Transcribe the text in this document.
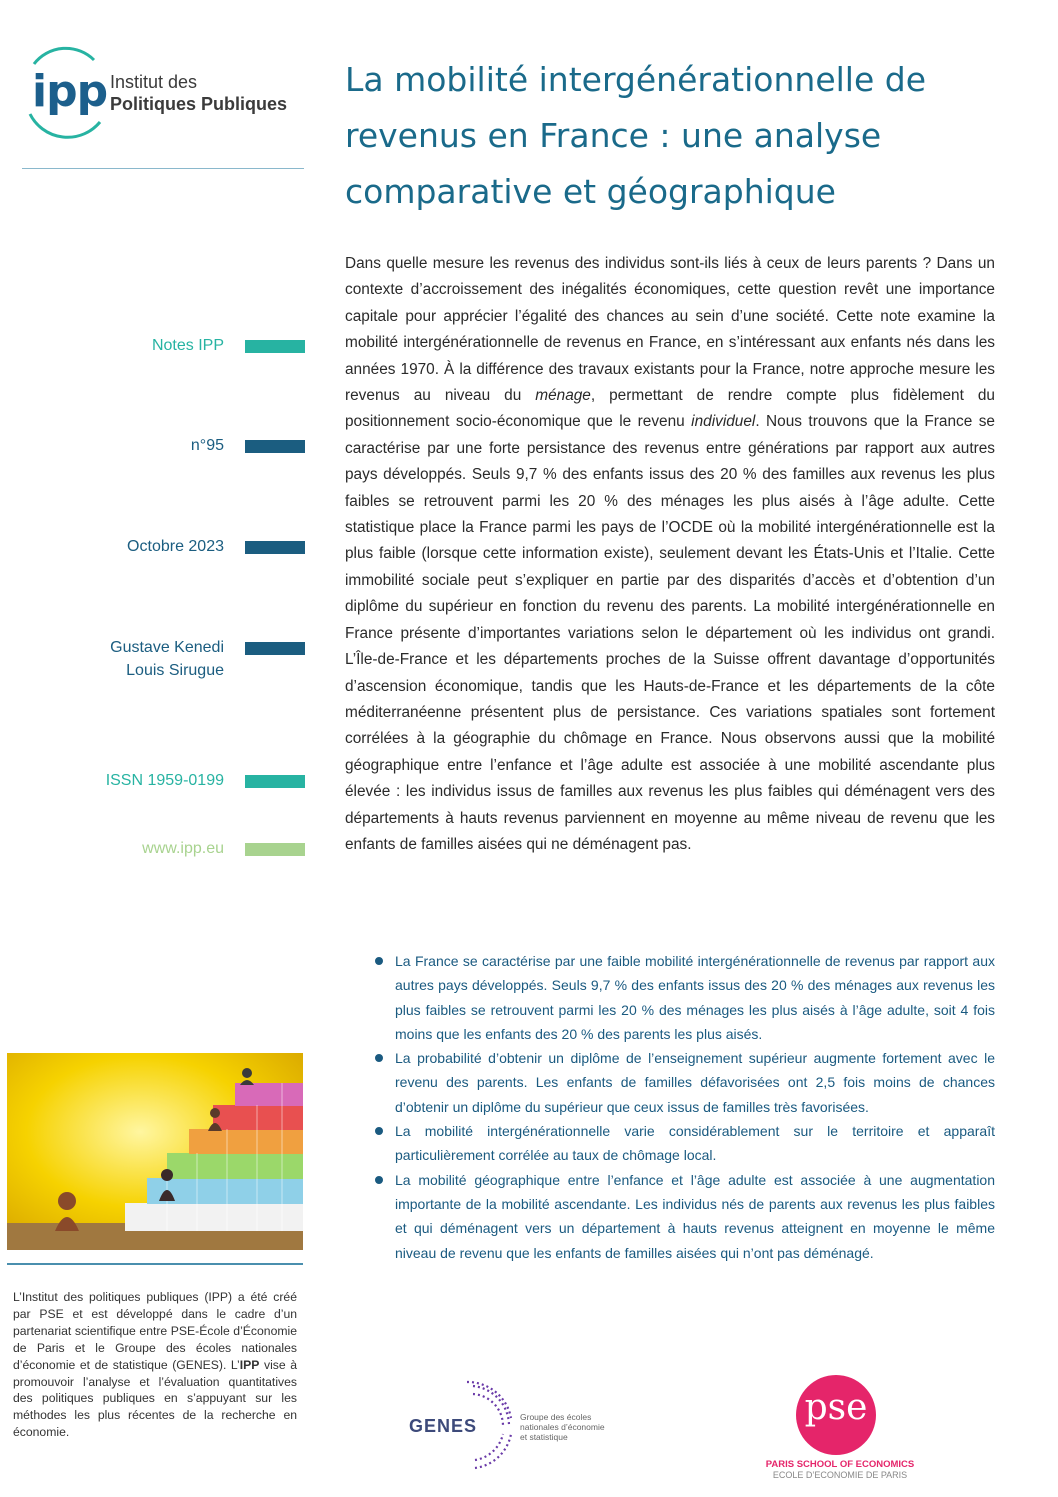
ipp Institut des
Politiques Publiques
La mobilité intergénérationnelle de revenus en France : une analyse comparative et géographique
Notes IPP
n°95
Octobre 2023
Gustave Kenedi
Louis Sirugue
ISSN 1959-0199
www.ipp.eu
Dans quelle mesure les revenus des individus sont-ils liés à ceux de leurs parents ? Dans un contexte d’accroissement des inégalités économiques, cette question revêt une importance capitale pour apprécier l’égalité des chances au sein d’une société. Cette note examine la mobilité intergénérationnelle de revenus en France, en s’intéressant aux enfants nés dans les années 1970. À la différence des travaux existants pour la France, notre approche mesure les revenus au niveau du ménage, permettant de rendre compte plus fidèlement du positionnement socio-économique que le revenu individuel. Nous trouvons que la France se caractérise par une forte persistance des revenus entre générations par rapport aux autres pays développés. Seuls 9,7 % des enfants issus des 20 % des familles aux revenus les plus faibles se retrouvent parmi les 20 % des ménages les plus aisés à l’âge adulte. Cette statistique place la France parmi les pays de l’OCDE où la mobilité intergénérationnelle est la plus faible (lorsque cette information existe), seulement devant les États-Unis et l’Italie. Cette immobilité sociale peut s’expliquer en partie par des disparités d’accès et d’obtention d’un diplôme du supérieur en fonction du revenu des parents. La mobilité intergénérationnelle en France présente d’importantes variations selon le département où les individus ont grandi. L’Île-de-France et les départements proches de la Suisse offrent davantage d’opportunités d’ascension économique, tandis que les Hauts-de-France et les départements de la côte méditerranéenne présentent plus de persistance. Ces variations spatiales sont fortement corrélées à la géographie du chômage en France. Nous observons aussi que la mobilité géographique entre l’enfance et l’âge adulte est associée à une mobilité ascendante plus élevée : les individus issus de familles aux revenus les plus faibles qui déménagent vers des départements à hauts revenus parviennent en moyenne au même niveau de revenu que les enfants de familles aisées qui ne déménagent pas.
La France se caractérise par une faible mobilité intergénérationnelle de revenus par rapport aux autres pays développés. Seuls 9,7 % des enfants issus des 20 % des ménages aux revenus les plus faibles se retrouvent parmi les 20 % des ménages les plus aisés à l’âge adulte, soit 4 fois moins que les enfants des 20 % des parents les plus aisés.
La probabilité d’obtenir un diplôme de l’enseignement supérieur augmente fortement avec le revenu des parents. Les enfants de familles défavorisées ont 2,5 fois moins de chances d’obtenir un diplôme du supérieur que ceux issus de familles très favorisées.
La mobilité intergénérationnelle varie considérablement sur le territoire et apparaît particulièrement corrélée au taux de chômage local.
La mobilité géographique entre l’enfance et l’âge adulte est associée à une augmentation importante de la mobilité ascendante. Les individus nés de parents aux revenus les plus faibles et qui déménagent vers un département à hauts revenus atteignent en moyenne le même niveau de revenu que les enfants de familles aisées qui n’ont pas déménagé.
L’Institut des politiques publiques (IPP) a été créé par PSE et est développé dans le cadre d’un partenariat scientifique entre PSE-École d’Économie de Paris et le Groupe des écoles nationales d’économie et de statistique (GENES). L’IPP vise à promouvoir l’analyse et l’évaluation quantitatives des politiques publiques en s’appuyant sur les méthodes les plus récentes de la recherche en économie.	GENES	Groupe des écoles
nationales d’économie
et statistique
pse
PARIS SCHOOL OF ECONOMICS
ECOLE D’ECONOMIE DE PARIS
